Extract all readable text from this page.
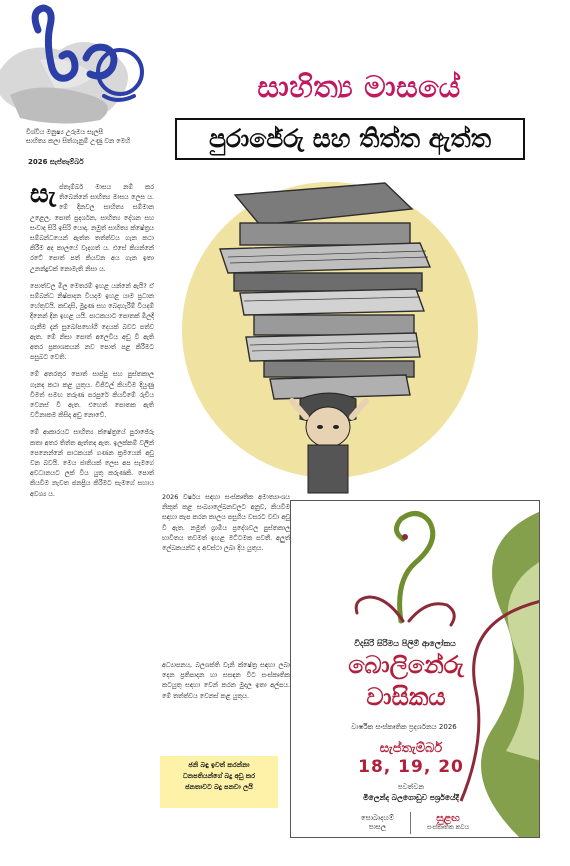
විශ්වීය මනුෂ්‍ය උරුමය සැලසී
සාහිත්‍ය කලා සිත්ගැනුම් උණු වන මෙහි
2026 සැප්තැම්බර්
සාහිත්‍ය මාසයේ
පුරාජේරු සහ තිත්ත ඇත්ත

සැ ප්තැම්බර් මාසය නම් කර තිබෙන්නේ සාහිත්‍ය මාසය ලෙස ය. මේ දිනවල සාහිත්‍ය සම්මාන උළෙල, පොත් ප්‍රදර්ශන, සාහිත්‍ය දේශන සහ සංවාද සිරි ඉසිරි යොදා. නමුත් සාහිත්‍ය ක්ෂේත්‍රය සම්බන්ධයෙන් ඇත්ත තත්ත්වය ගැන කථා කිරීම අද කාලයේ වැදගත් ය. එසේ කියන්නේ රටේ පොත් පත් කියවන අය ගැන ඉතා උනන්දුවක් නොමැති නිසා ය.

පොත්වල මිල මෙතරම් ඉහළ යන්නේ ඇයි? ඒ සම්බන්ධ නිෂ්පාදන වියදම ඉහළ යාම ප්‍රධාන හේතුවයි. කඩදාසි, මුද්‍රණ සහ බෙදාහැරීම් වියදම් දිනෙන් දින ඉහළ යයි. පාඨකයාට පොතක් මිලදී ගැනීම දැන් සුඛෝපභෝගී දෙයක් බවට පත්ව ඇත. මේ නිසා පොත් අලෙවිය අඩු වී ඇති අතර ප්‍රකාශකයන් නව පොත් පළ කිරීමට පසුබට වෙති.

මේ අතරතුර පොත් සාප්පු සහ පුස්තකාල ගැනද කථා කළ යුතුය. ඩිජිටල් කියවීම දියුණු වීමත් සමඟ තරුණ පරපුරේ කියවීමේ රුචිය වෙනස් වී ඇත. එහෙත් පොතක ඇති වටිනාකම කිසිදා අඩු නොවේ.

මේ ආකාරයට සාහිත්‍ය ක්ෂේත්‍රයේ පුරාජේරු කතා අතර තිත්ත ඇත්තද ඇත. ඉලක්කම් වලින් පෙනෙන්නේ පාඨකයන් ගණන ක්‍රමයෙන් අඩු වන බවයි. මෙය ජාතියක් ලෙස අප සැමගේ අවධානයට ලක් විය යුතු කරුණකි. පොත් කියවීම නැවත ජනප්‍රිය කිරීමට සැමගේ සහාය අවශ්‍ය ය.	2026 වර්ෂය සඳහා සංස්කෘතික අමාත්‍යාංශය නිකුත් කළ සංඛ්‍යාලේඛනවලට අනුව, කියවීම සඳහා කැප කරන කාලය පසුගිය වසරට වඩා අඩු වී ඇත. නමුත් ග්‍රාමීය ප්‍රදේශවල පුස්තකාල භාවිතය තවමත් ඉහළ මට්ටමක පවතී. අලුත් ලේඛකයන්ට ද අවස්ථා ලබා දිය යුතුය.

අධ්‍යාපනය, බලශක්ති වැනි ක්ෂේත්‍ර සඳහා ලබා දෙන ප්‍රතිපාදන හා සසඳන විට සංස්කෘතික කටයුතු සඳහා වෙන් කරන මුදල ඉතා අල්පය. මේ තත්ත්වය වෙනස් කළ යුතුය.

ජනි බඳු ඉවත් කරන්නා
ධනපතියන්ගේ බදු අඩු කර
ජනතාවට බදු පනවා ලයි
විදසිරි සිරිමය පිලිම් ආලෝකය
බොලිනේරු
වාසිකය
වාර්ෂික සංස්කෘතික ප්‍රදර්ශනය 2026
සැප්තැම්බර්
18, 19, 20
පවත්වන
මිලෙන්ද බලගොඩුව පර්ශ්‍රයේදී
සොබාදහම්
පාසල
සුළඟ
සංස්කෘතික කවය
